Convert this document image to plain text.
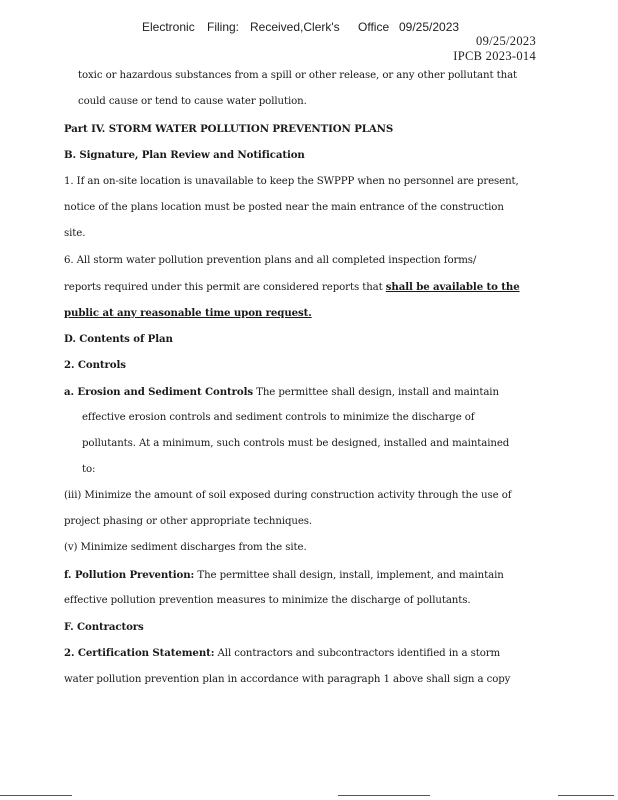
Electronic Filing: Received,Clerk's Office 09/25/2023
09/25/2023
IPCB 2023-014
toxic or hazardous substances from a spill or other release, or any other pollutant that
could cause or tend to cause water pollution.
Part IV. STORM WATER POLLUTION PREVENTION PLANS
B. Signature, Plan Review and Notification
1. If an on-site location is unavailable to keep the SWPPP when no personnel are present,
notice of the plans location must be posted near the main entrance of the construction
site.
6. All storm water pollution prevention plans and all completed inspection forms/
reports required under this permit are considered reports that shall be available to the
public at any reasonable time upon request.
D. Contents of Plan
2. Controls
a. Erosion and Sediment Controls The permittee shall design, install and maintain
effective erosion controls and sediment controls to minimize the discharge of
pollutants. At a minimum, such controls must be designed, installed and maintained
to:
(iii) Minimize the amount of soil exposed during construction activity through the use of
project phasing or other appropriate techniques.
(v) Minimize sediment discharges from the site.
f. Pollution Prevention: The permittee shall design, install, implement, and maintain
effective pollution prevention measures to minimize the discharge of pollutants.
F. Contractors
2. Certification Statement: All contractors and subcontractors identified in a storm
water pollution prevention plan in accordance with paragraph 1 above shall sign a copy
